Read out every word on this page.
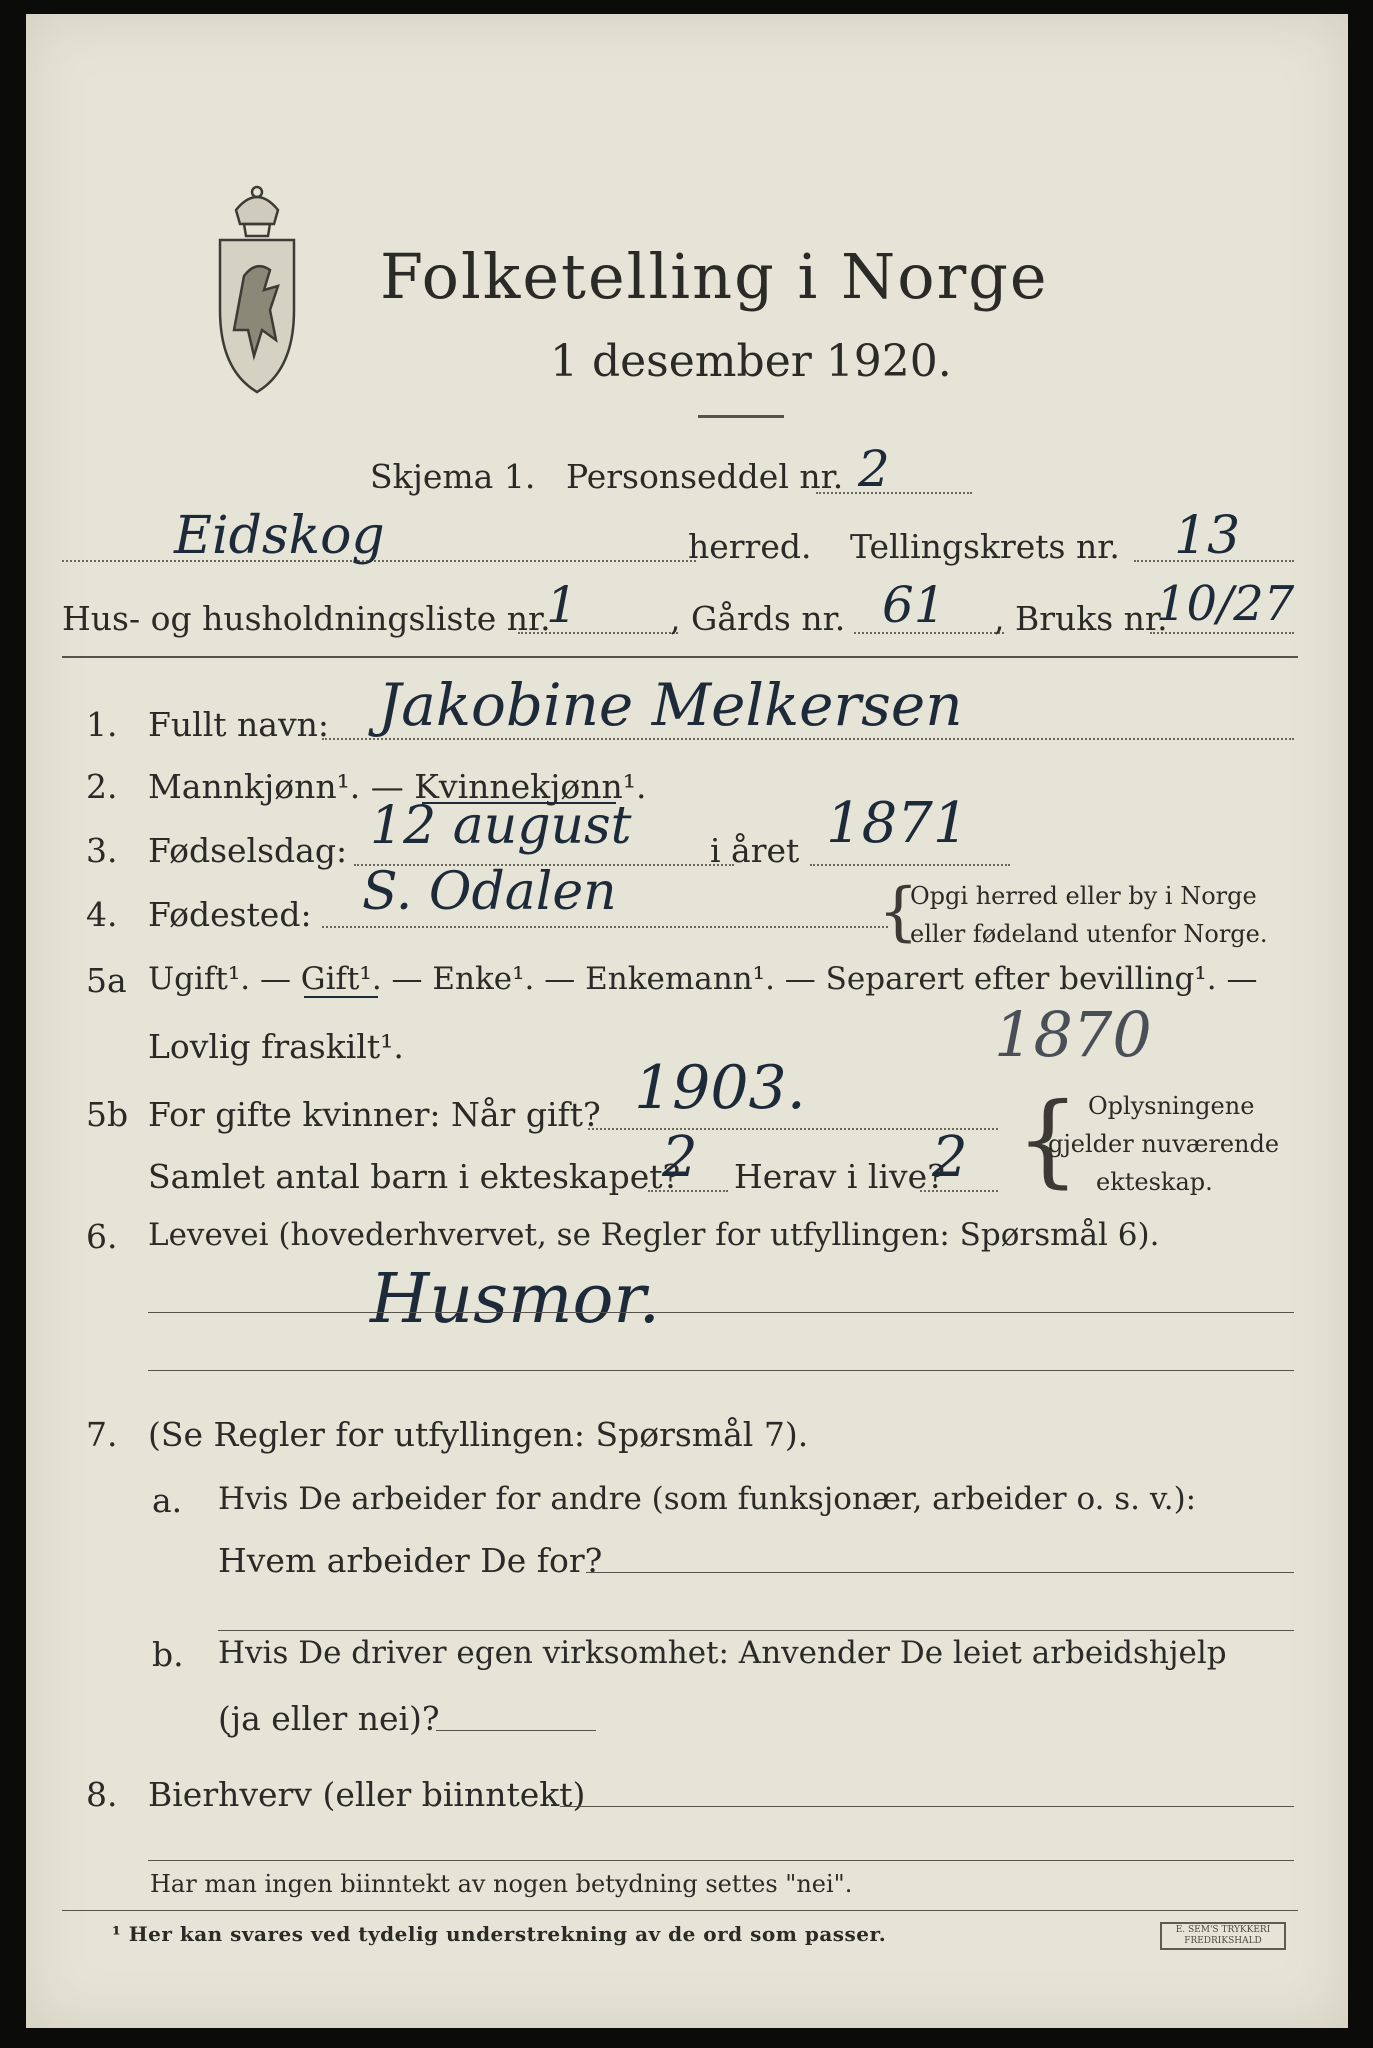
Folketelling i Norge
1 desember 1920.
Skjema 1. Personseddel nr. 2
Eidskog	herred. Tellingskrets nr. 13
Hus- og husholdningsliste nr.
1	, Gårds nr. 61 , Bruks nr.
10/27
1. Fullt navn: Jakobine Melkersen
2. Mannkjønn¹. — Kvinnekjønn¹.
3. Fødselsdag: 12 august i året 1871
4. Fødested: S. Odalen	{
Opgi herred eller by i Norge
eller fødeland utenfor Norge.
5a Ugift¹. — Gift¹. — Enke¹. — Enkemann¹. — Separert efter bevilling¹. —
Lovlig fraskilt¹.	1870
5b For gifte kvinner: Når gift? 1903.
Samlet antal barn i ekteskapet?
2 Herav i live?
2 { Oplysningene
gjelder nuværende
ekteskap.
6. Levevei (hovederhvervet, se Regler for utfyllingen: Spørsmål 6).
Husmor.
7. (Se Regler for utfyllingen: Spørsmål 7).
a. Hvis De arbeider for andre (som funksjonær, arbeider o. s. v.):
Hvem arbeider De for?
b. Hvis De driver egen virksomhet: Anvender De leiet arbeidshjelp
(ja eller nei)?
8. Bierhverv (eller biinntekt)
Har man ingen biinntekt av nogen betydning settes "nei".
¹ Her kan svares ved tydelig understrekning av de ord som passer.	E. SEM'S TRYKKERI
FREDRIKSHALD
